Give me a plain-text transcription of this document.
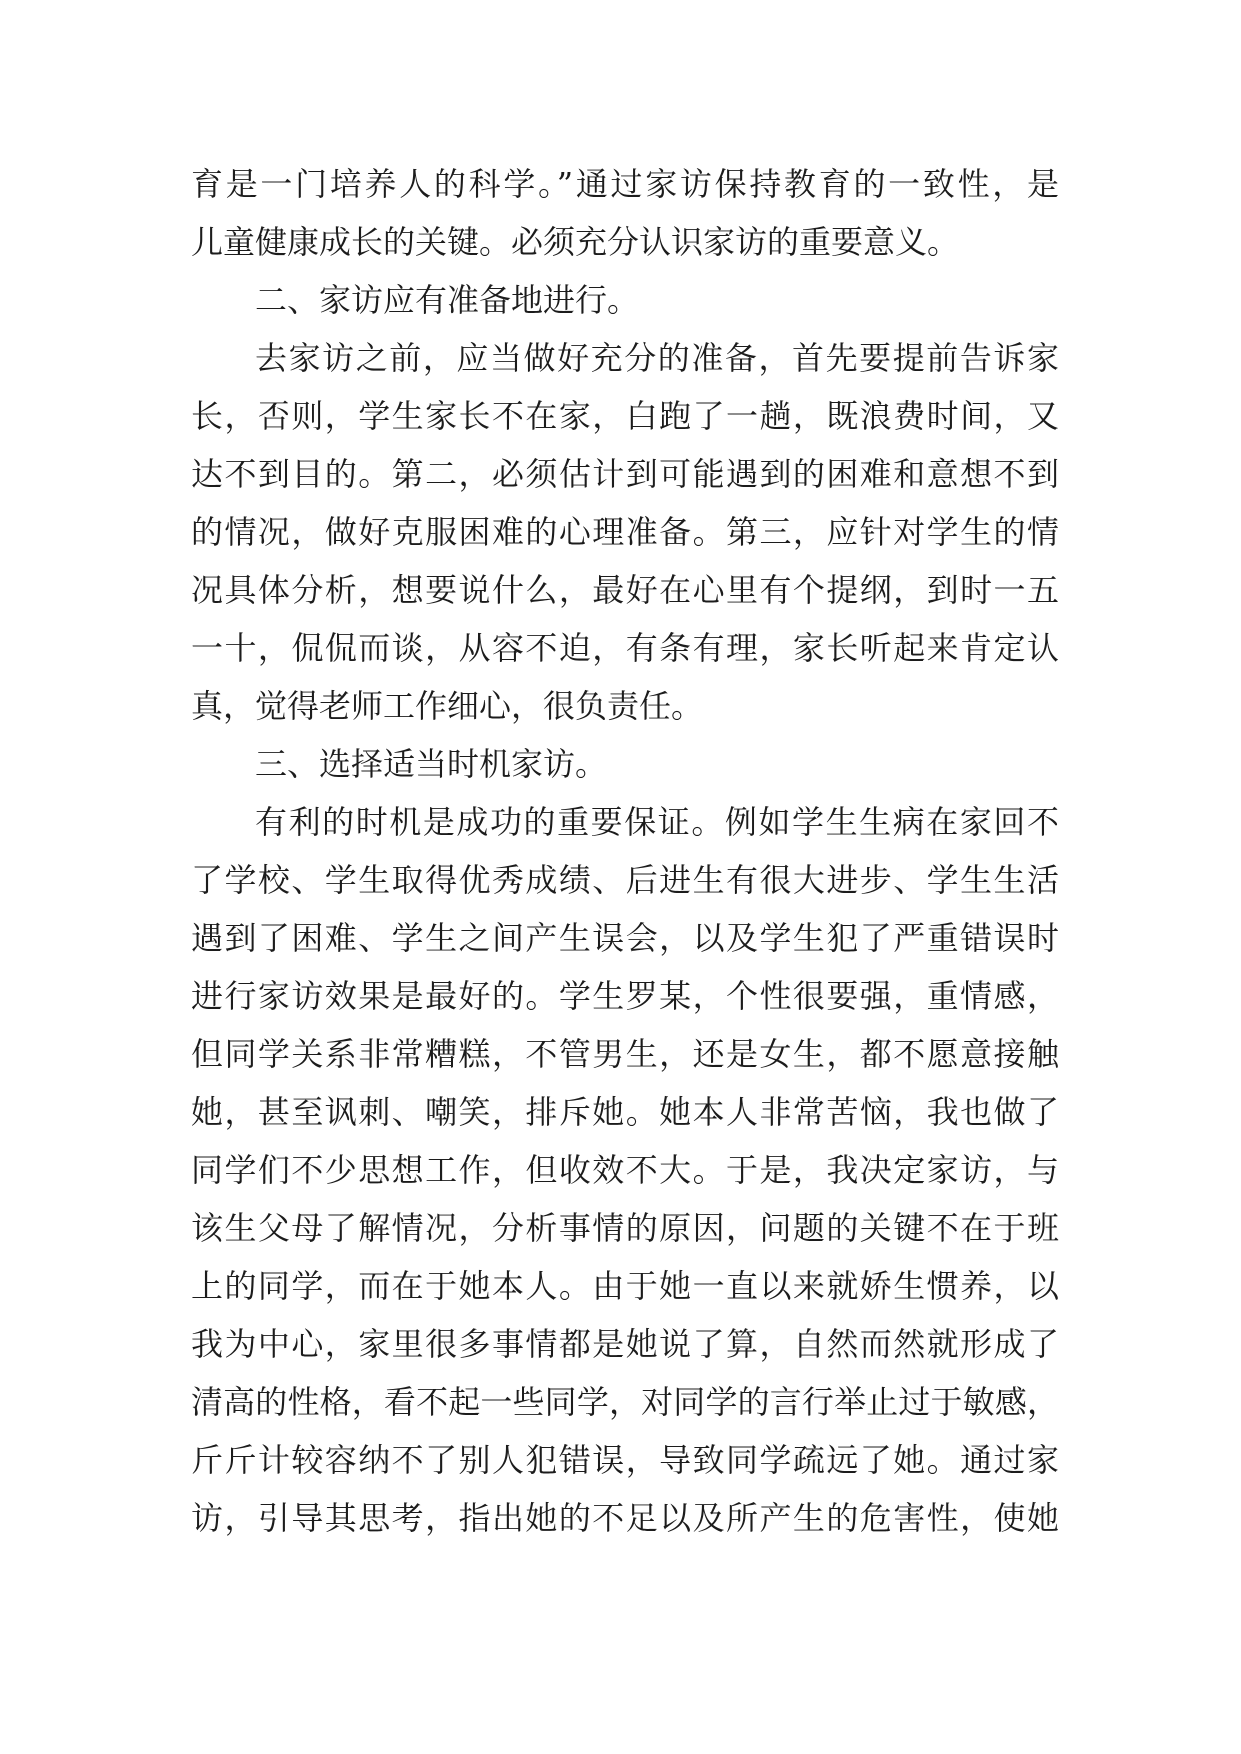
育是一门培养人的科学。”通过家访保持教育的一致性，是
儿童健康成长的关键。必须充分认识家访的重要意义。
二、家访应有准备地进行。
去家访之前，应当做好充分的准备，首先要提前告诉家
长，否则，学生家长不在家，白跑了一趟，既浪费时间，又
达不到目的。第二，必须估计到可能遇到的困难和意想不到
的情况，做好克服困难的心理准备。第三，应针对学生的情
况具体分析，想要说什么，最好在心里有个提纲，到时一五
一十，侃侃而谈，从容不迫，有条有理，家长听起来肯定认
真，觉得老师工作细心，很负责任。
三、选择适当时机家访。
有利的时机是成功的重要保证。例如学生生病在家回不
了学校、学生取得优秀成绩、后进生有很大进步、学生生活
遇到了困难、学生之间产生误会，以及学生犯了严重错误时
进行家访效果是最好的。学生罗某，个性很要强，重情感，
但同学关系非常糟糕，不管男生，还是女生，都不愿意接触
她，甚至讽刺、嘲笑，排斥她。她本人非常苦恼，我也做了
同学们不少思想工作，但收效不大。于是，我决定家访，与
该生父母了解情况，分析事情的原因，问题的关键不在于班
上的同学，而在于她本人。由于她一直以来就娇生惯养，以
我为中心，家里很多事情都是她说了算，自然而然就形成了
清高的性格，看不起一些同学，对同学的言行举止过于敏感，
斤斤计较容纳不了别人犯错误，导致同学疏远了她。通过家
访，引导其思考，指出她的不足以及所产生的危害性，使她
